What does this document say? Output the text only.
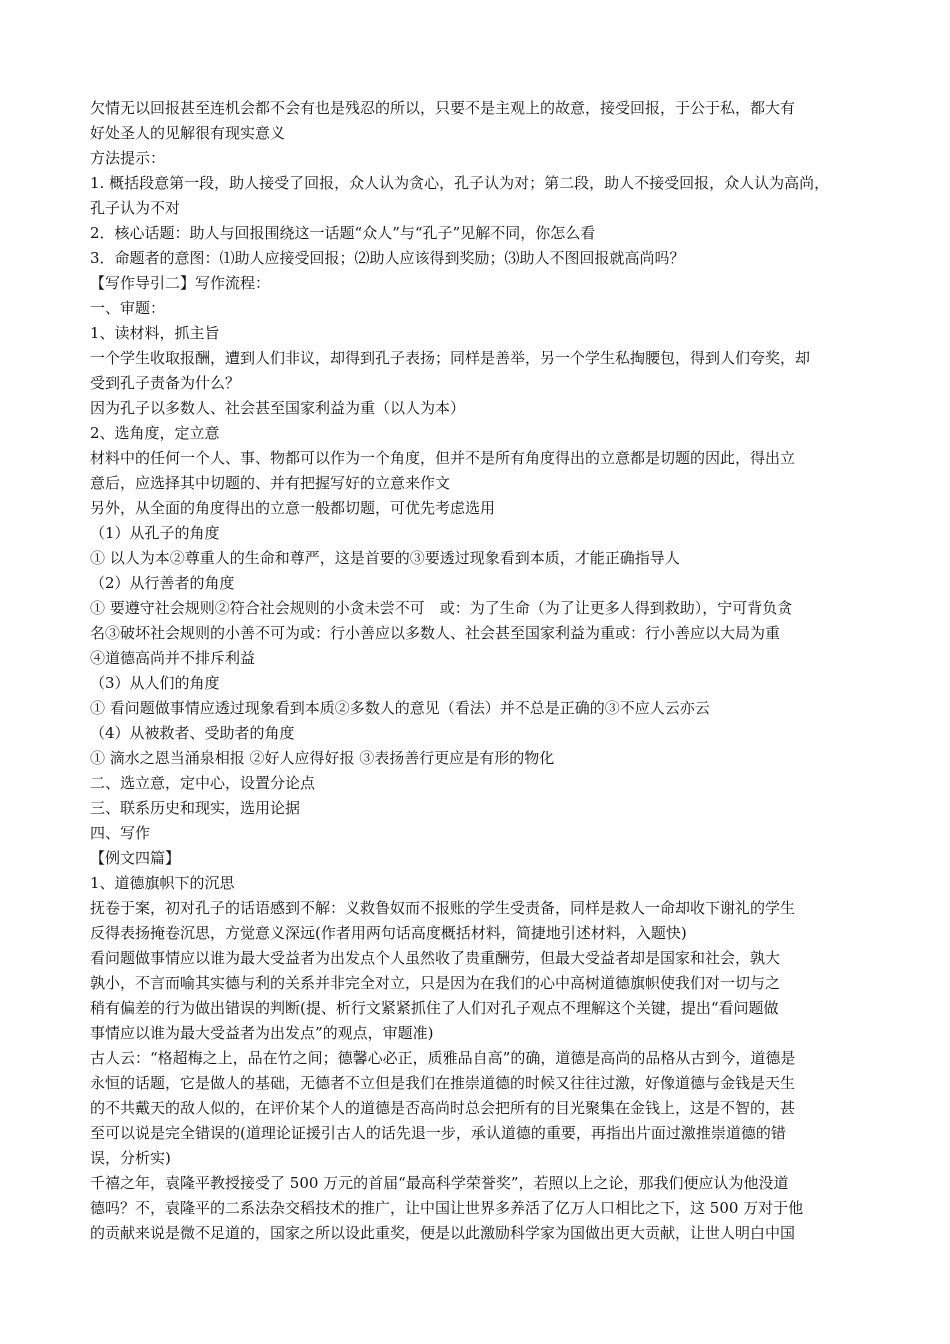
欠情无以回报甚至连机会都不会有也是残忍的所以，只要不是主观上的故意，接受回报，于公于私，都大有
好处圣人的见解很有现实意义
方法提示：
1. 概括段意第一段，助人接受了回报，众人认为贪心，孔子认为对；第二段，助人不接受回报，众人认为高尚，
孔子认为不对
2．核心话题：助人与回报围绕这一话题“众人”与“孔子”见解不同，你怎么看
3．命题者的意图：⑴助人应接受回报；⑵助人应该得到奖励；⑶助人不图回报就高尚吗？
【写作导引二】写作流程：
一、审题：
1、读材料，抓主旨
一个学生收取报酬，遭到人们非议，却得到孔子表扬；同样是善举，另一个学生私掏腰包，得到人们夸奖，却
受到孔子责备为什么？
因为孔子以多数人、社会甚至国家利益为重（以人为本）
2、选角度，定立意
材料中的任何一个人、事、物都可以作为一个角度，但并不是所有角度得出的立意都是切题的因此，得出立
意后，应选择其中切题的、并有把握写好的立意来作文
另外，从全面的角度得出的立意一般都切题，可优先考虑选用
（1）从孔子的角度
① 以人为本②尊重人的生命和尊严，这是首要的③要透过现象看到本质，才能正确指导人
（2）从行善者的角度
① 要遵守社会规则②符合社会规则的小贪未尝不可　或：为了生命（为了让更多人得到救助），宁可背负贪
名③破坏社会规则的小善不可为或：行小善应以多数人、社会甚至国家利益为重或：行小善应以大局为重
④道德高尚并不排斥利益
（3）从人们的角度
① 看问题做事情应透过现象看到本质②多数人的意见（看法）并不总是正确的③不应人云亦云
（4）从被救者、受助者的角度
① 滴水之恩当涌泉相报 ②好人应得好报 ③表扬善行更应是有形的物化
二、选立意，定中心，设置分论点
三、联系历史和现实，选用论据
四、写作
【例文四篇】
1、道德旗帜下的沉思
抚卷于案，初对孔子的话语感到不解：义救鲁奴而不报账的学生受责备，同样是救人一命却收下谢礼的学生
反得表扬掩卷沉思，方觉意义深远(作者用两句话高度概括材料，简捷地引述材料，入题快)
看问题做事情应以谁为最大受益者为出发点个人虽然收了贵重酬劳，但最大受益者却是国家和社会，孰大
孰小，不言而喻其实德与利的关系并非完全对立，只是因为在我们的心中高树道德旗帜使我们对一切与之
稍有偏差的行为做出错误的判断(提、析行文紧紧抓住了人们对孔子观点不理解这个关键，提出“看问题做
事情应以谁为最大受益者为出发点”的观点，审题准)
古人云：“格超梅之上，品在竹之间；德馨心必正，质雅品自高”的确，道德是高尚的品格从古到今，道德是
永恒的话题，它是做人的基础，无德者不立但是我们在推崇道德的时候又往往过激，好像道德与金钱是天生
的不共戴天的敌人似的，在评价某个人的道德是否高尚时总会把所有的目光聚集在金钱上，这是不智的，甚
至可以说是完全错误的(道理论证援引古人的话先退一步，承认道德的重要，再指出片面过激推崇道德的错
误，分析实)
千禧之年，袁隆平教授接受了 500 万元的首届“最高科学荣誉奖”，若照以上之论，那我们便应认为他没道
德吗？不，袁隆平的二系法杂交稻技术的推广，让中国让世界多养活了亿万人口相比之下，这 500 万对于他
的贡献来说是微不足道的，国家之所以设此重奖，便是以此激励科学家为国做出更大贡献，让世人明白中国
